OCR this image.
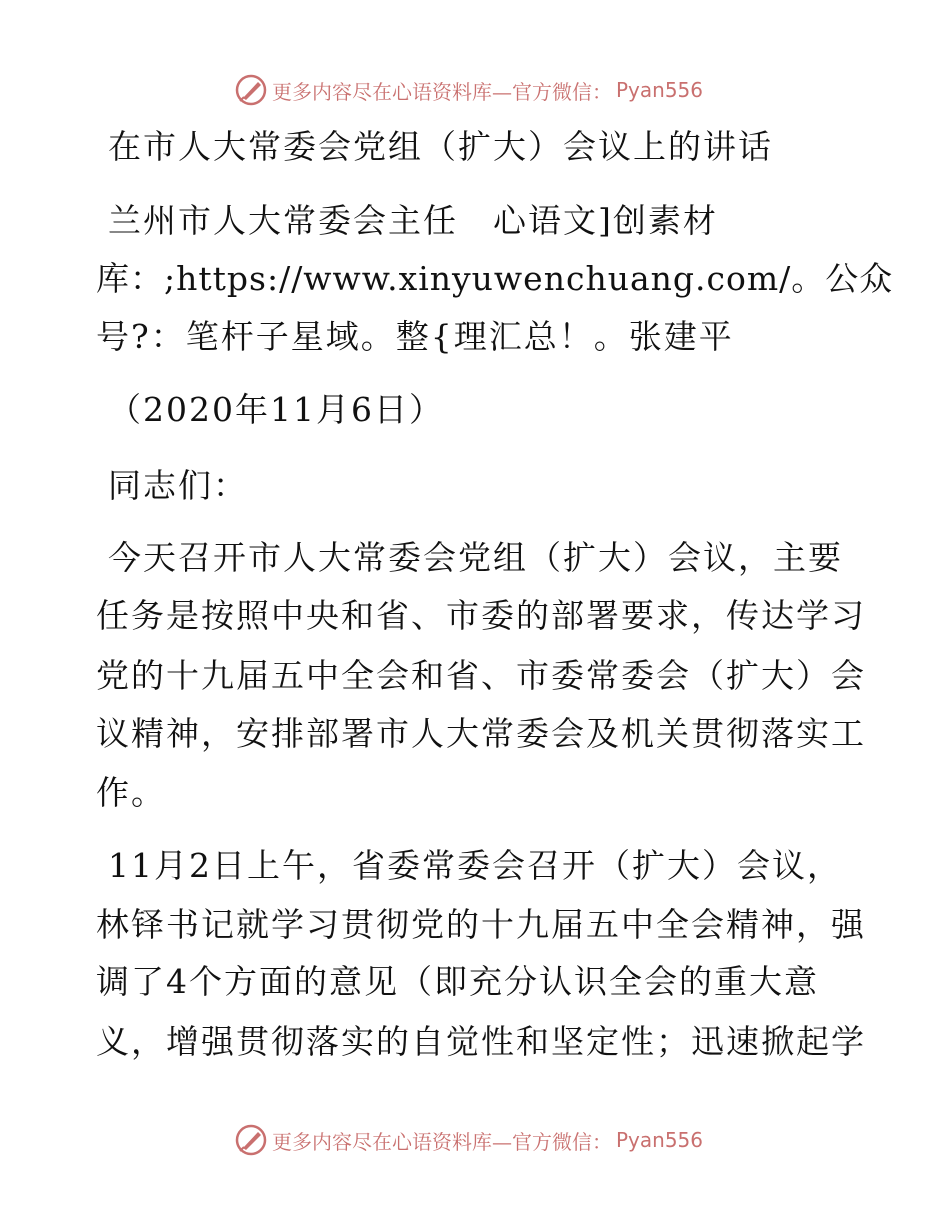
更多内容尽在心语资料库—官方微信： Pyan556
在市人大常委会党组（扩大）会议上的讲话
兰州市人大常委会主任　心语文]创素材
库：;https://www.xinyuwenchuang.com/。公众
号?：笔杆子星域。整{理汇总！。张建平
（2020年11月6日）
同志们：
今天召开市人大常委会党组（扩大）会议，主要
任务是按照中央和省、市委的部署要求，传达学习
党的十九届五中全会和省、市委常委会（扩大）会
议精神，安排部署市人大常委会及机关贯彻落实工
作。
11月2日上午，省委常委会召开（扩大）会议，
林铎书记就学习贯彻党的十九届五中全会精神，强
调了4个方面的意见（即充分认识全会的重大意
义，增强贯彻落实的自觉性和坚定性；迅速掀起学
更多内容尽在心语资料库—官方微信： Pyan556
